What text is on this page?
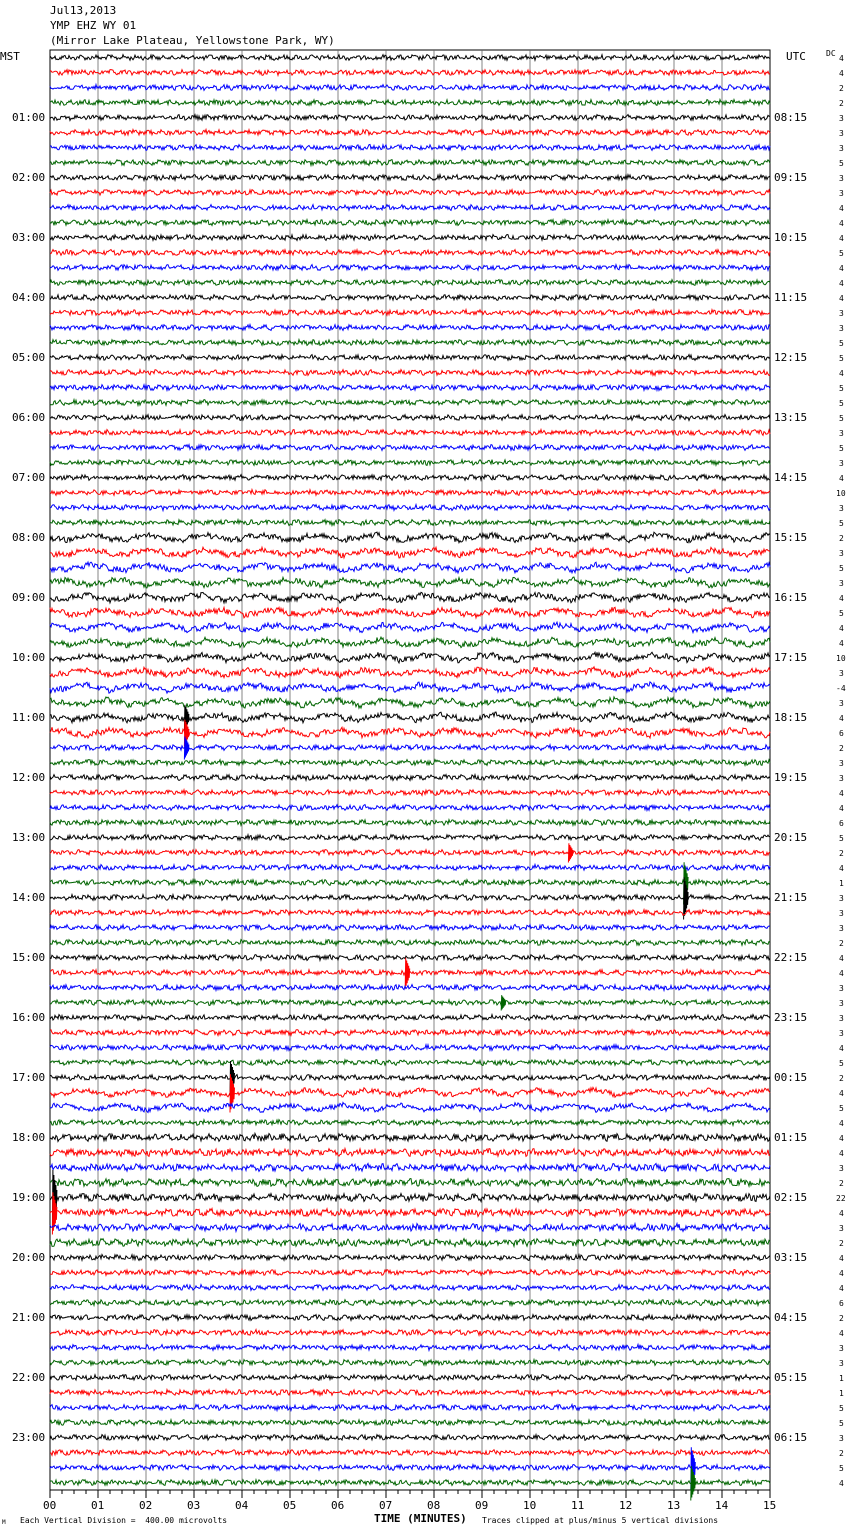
Jul13,2013
YMP EHZ WY 01
(Mirror Lake Plateau, Yellowstone Park, WY)
MST	UTC	DC
01:00
02:00
03:00
04:00
05:00
06:00
07:00
08:00
09:00
10:00
11:00
12:00
13:00
14:00
15:00
16:00
17:00
18:00
19:00
20:00
21:00
22:00
23:00
08:15
09:15
10:15
11:15
12:15
13:15
14:15
15:15
16:15
17:15
18:15
19:15
20:15
21:15
22:15
23:15
00:15
01:15
02:15
03:15
04:15
05:15
06:15
4
4
2
2
3
3
3
5
3
3
4
4
4
5
4
4
4
3
3
5
5
4
5
5
5
3
5
3
4
10
3
5
2
3
5
3
4
5
4
4
10
3
-4
3
4
6
2
3
3
4
4
6
5
2
4
1
3
3
3
2
4
4
3
3
3
3
4
5
2
4
5
4
4
4
3
2
22
4
3
2
4
4
4
6
2
4
3
3
1
1
5
5
3
2
5
4
00	01	02	03	04	05	06	07	08	09	10	11	12	13	14	15
TIME (MINUTES)
Each Vertical Division =  400.00 microvolts	Traces clipped at plus/minus 5 vertical divisions
M
